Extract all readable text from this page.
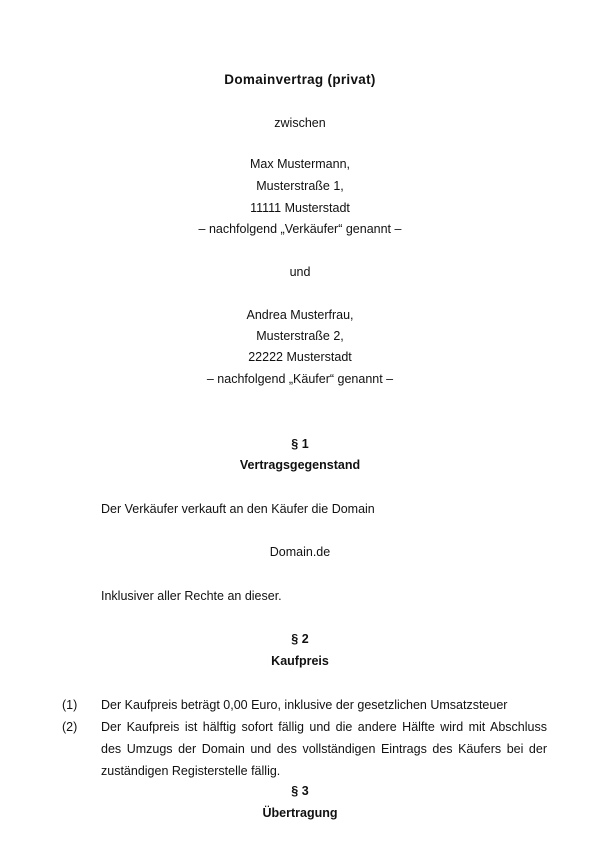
Domainvertrag (privat)
zwischen
Max Mustermann,
Musterstraße 1,
11111 Musterstadt
– nachfolgend „Verkäufer“ genannt –
und
Andrea Musterfrau,
Musterstraße 2,
22222 Musterstadt
– nachfolgend „Käufer“ genannt –
§ 1
Vertragsgegenstand
Der Verkäufer verkauft an den Käufer die Domain
Domain.de
Inklusiver aller Rechte an dieser.
§ 2
Kaufpreis
(1) Der Kaufpreis beträgt 0,00 Euro, inklusive der gesetzlichen Umsatzsteuer
(2) Der Kaufpreis ist hälftig sofort fällig und die andere Hälfte wird mit Abschluss
des Umzugs der Domain und des vollständigen Eintrags des Käufers bei der
zuständigen Registerstelle fällig.
§ 3
Übertragung
